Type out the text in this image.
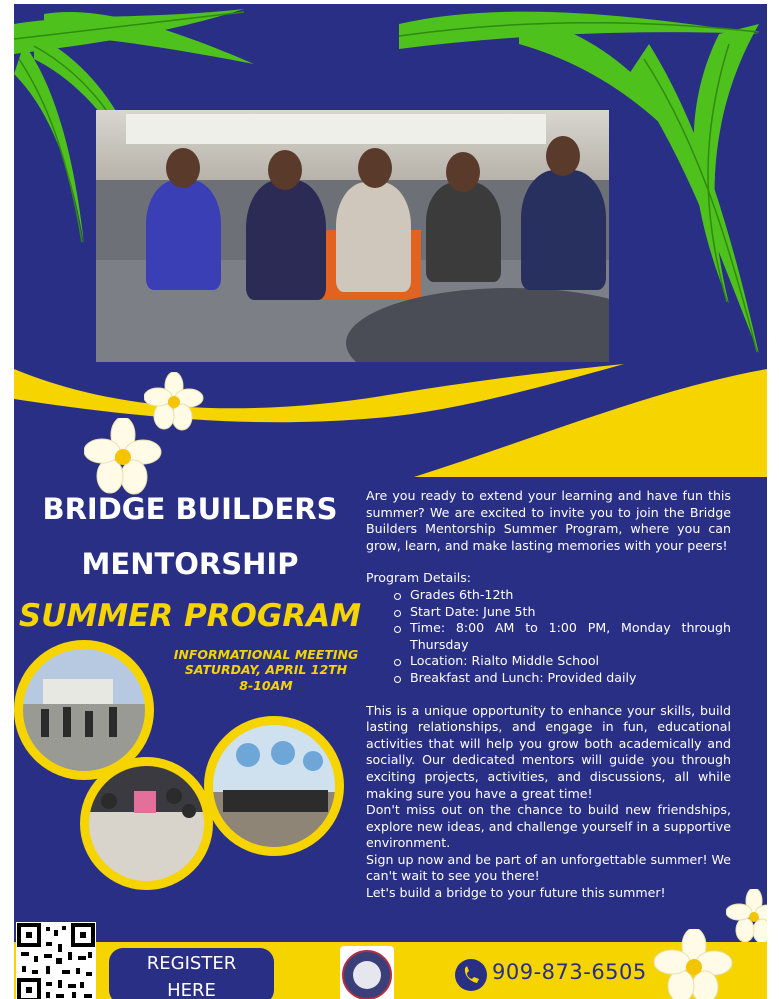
BRIDGE BUILDERS
MENTORSHIP
SUMMER PROGRAM
INFORMATIONAL MEETING
SATURDAY, APRIL 12TH
8-10AM

Are you ready to extend your learning and have fun this summer? We are excited to invite you to join the Bridge Builders Mentorship Summer Program, where you can grow, learn, and make lasting memories with your peers!

Program Details:

Grades 6th-12th
Start Date: June 5th
Time: 8:00 AM to 1:00 PM, Monday through Thursday
Location: Rialto Middle School
Breakfast and Lunch: Provided daily

This is a unique opportunity to enhance your skills, build lasting relationships, and engage in fun, educational activities that will help you grow both academically and socially. Our dedicated mentors will guide you through exciting projects, activities, and discussions, all while making sure you have a great time!

Don't miss out on the chance to build new friendships, explore new ideas, and challenge yourself in a supportive environment.

Sign up now and be part of an unforgettable summer! We can't wait to see you there!

Let's build a bridge to your future this summer!

REGISTER
HERE
909-873-6505
